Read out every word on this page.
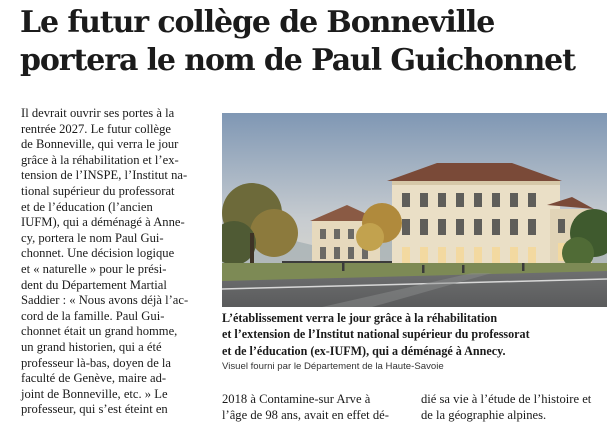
Le futur collège de Bonneville
portera le nom de Paul Guichonnet
Il devrait ouvrir ses portes à la
rentrée 2027. Le futur collège
de Bonneville, qui verra le jour
grâce à la réhabilitation et l’ex-
tension de l’INSPE, l’Institut na-
tional supérieur du professorat
et de l’éducation (l’ancien
IUFM), qui a déménagé à Anne-
cy, portera le nom Paul Gui-
chonnet. Une décision logique
et « naturelle » pour le prési-
dent du Département Martial
Saddier : « Nous avons déjà l’ac-
cord de la famille. Paul Gui-
chonnet était un grand homme,
un grand historien, qui a été
professeur là-bas, doyen de la
faculté de Genève, maire ad-
joint de Bonneville, etc. » Le
professeur, qui s’est éteint en
L’établissement verra le jour grâce à la réhabilitation
et l’extension de l’Institut national supérieur du professorat
et de l’éducation (ex-IUFM), qui a déménagé à Annecy.
Visuel fourni par le Département de la Haute-Savoie
2018 à Contamine-sur Arve à
l’âge de 98 ans, avait en effet dé-
dié sa vie à l’étude de l’histoire et
de la géographie alpines.
